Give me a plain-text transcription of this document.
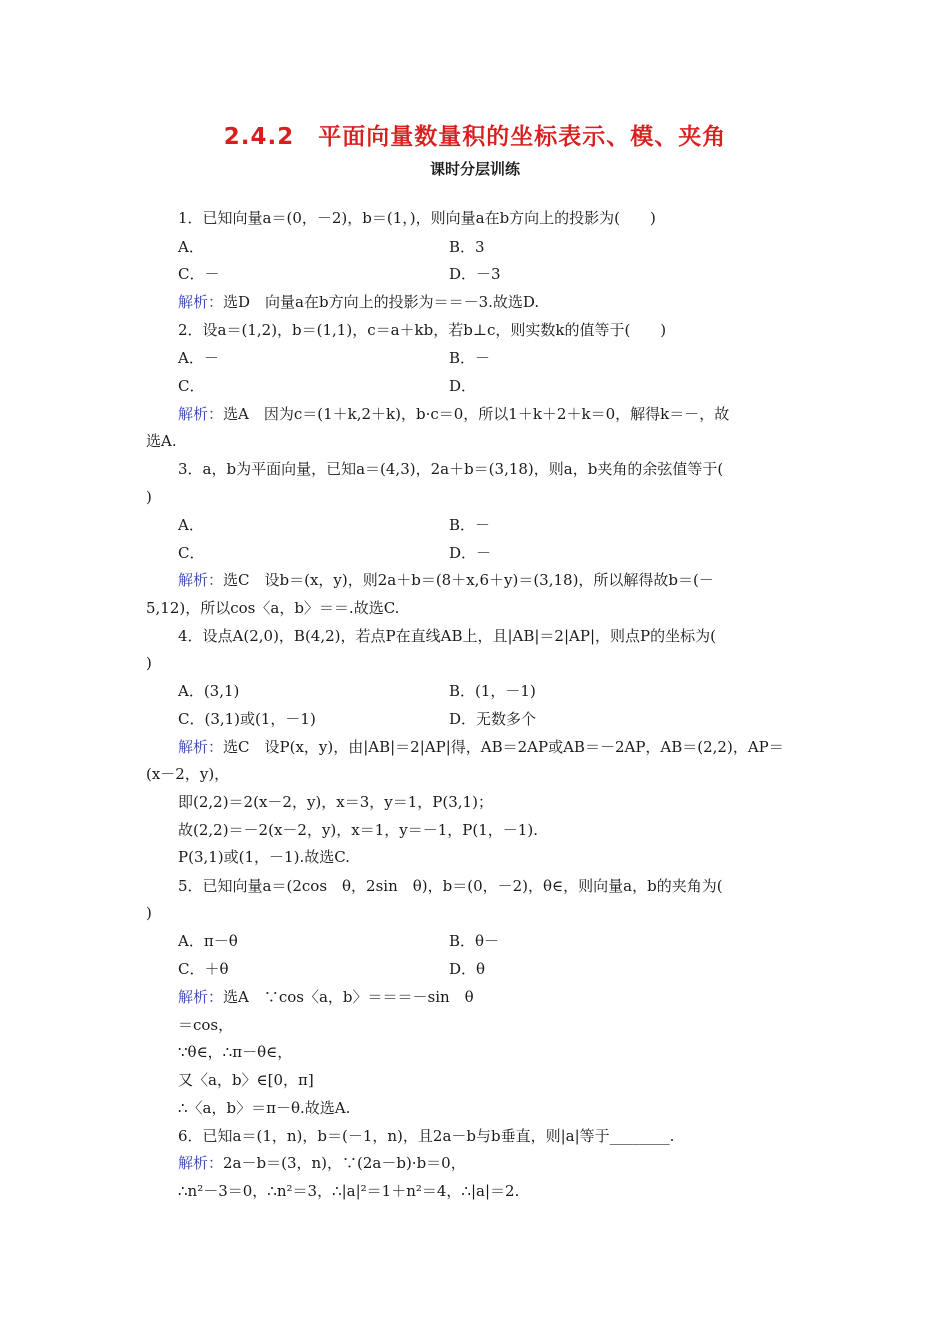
2.4.2　平面向量数量积的坐标表示、模、夹角
课时分层训练
1．已知向量a＝(0，－2)，b＝(1，)，则向量a在b方向上的投影为(　　)
A．	B．3
C．－	D．－3
解析：选D　向量a在b方向上的投影为＝＝－3.故选D.
2．设a＝(1,2)，b＝(1,1)，c＝a＋kb，若b⊥c，则实数k的值等于(　　)
A．－	B．－
C．	D．
解析：选A　因为c＝(1＋k,2＋k)，b·c＝0，所以1＋k＋2＋k＝0，解得k＝－，故
选A.
3．a，b为平面向量，已知a＝(4,3)，2a＋b＝(3,18)，则a，b夹角的余弦值等于(
)
A．	B．－
C．	D．－
解析：选C　设b＝(x，y)，则2a＋b＝(8＋x,6＋y)＝(3,18)，所以解得故b＝(－
5,12)，所以cos〈a，b〉＝＝.故选C.
4．设点A(2,0)，B(4,2)，若点P在直线AB上，且|AB|＝2|AP|，则点P的坐标为(
)
A．(3,1)	B．(1，－1)
C．(3,1)或(1，－1)	D．无数多个
解析：选C　设P(x，y)，由|AB|＝2|AP|得，AB＝2AP或AB＝－2AP，AB＝(2,2)，AP＝
(x－2，y)，
即(2,2)＝2(x－2，y)，x＝3，y＝1，P(3,1)；
故(2,2)＝－2(x－2，y)，x＝1，y＝－1，P(1，－1).
P(3,1)或(1，－1).故选C.
5．已知向量a＝(2cos　θ，2sin　θ)，b＝(0，－2)，θ∈，则向量a，b的夹角为(
)
A．π－θ	B．θ－
C．＋θ	D．θ
解析：选A　∵cos〈a，b〉＝＝＝－sin　θ
＝cos，
∵θ∈，∴π－θ∈，
又〈a，b〉∈[0，π]
∴〈a，b〉＝π－θ.故选A.
6．已知a＝(1，n)，b＝(－1，n)，且2a－b与b垂直，则|a|等于________.
解析：2a－b＝(3，n)，∵(2a－b)·b＝0，
∴n²－3＝0，∴n²＝3，∴|a|²＝1＋n²＝4，∴|a|＝2.
